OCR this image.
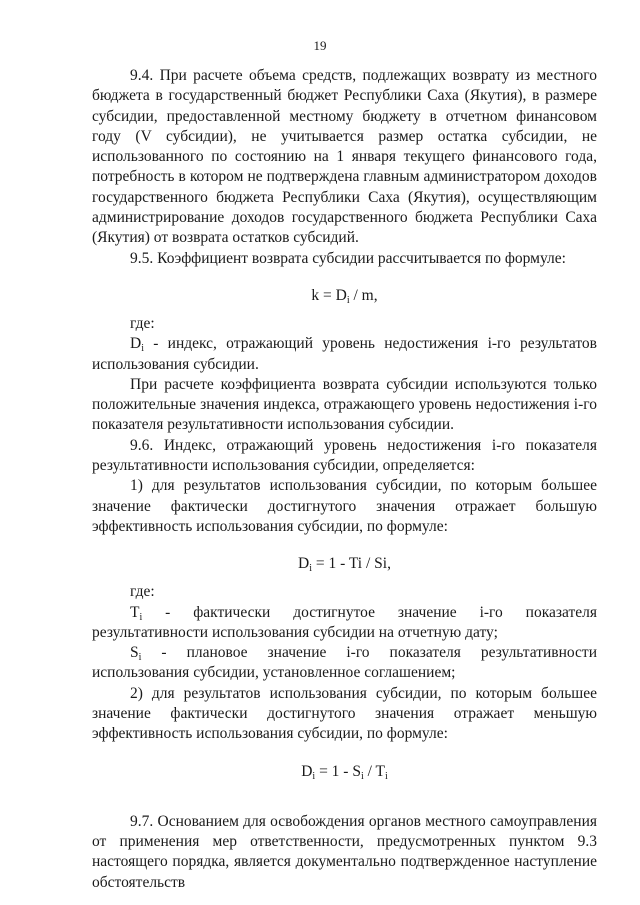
19

9.4. При расчете объема средств, подлежащих возврату из местного бюджета в государственный бюджет Республики Саха (Якутия), в размере субсидии, предоставленной местному бюджету в отчетном финансовом году (V субсидии), не учитывается размер остатка субсидии, не использованного по состоянию на 1 января текущего финансового года, потребность в котором не подтверждена главным администратором доходов государственного бюджета Республики Саха (Якутия), осуществляющим администрирование доходов государственного бюджета Республики Саха (Якутия) от возврата остатков субсидий.

9.5. Коэффициент возврата субсидии рассчитывается по формуле:

$k = D_i / m$,

где:

$D_i$ - индекс, отражающий уровень недостижения i-го результатов использования субсидии.

При расчете коэффициента возврата субсидии используются только положительные значения индекса, отражающего уровень недостижения i-го показателя результативности использования субсидии.

9.6. Индекс, отражающий уровень недостижения i-го показателя результативности использования субсидии, определяется:

1) для результатов использования субсидии, по которым большее значение фактически достигнутого значения отражает большую эффективность использования субсидии, по формуле:

$D_i = 1 - Ti / Si$,

где:

$T_i$ - фактически достигнутое значение i-го показателя результативности использования субсидии на отчетную дату;

$S_i$ - плановое значение i-го показателя результативности использования субсидии, установленное соглашением;

2) для результатов использования субсидии, по которым большее значение фактически достигнутого значения отражает меньшую эффективность использования субсидии, по формуле:

$D_i = 1 - S_i / T_i$

9.7. Основанием для освобождения органов местного самоуправления от применения мер ответственности, предусмотренных пунктом 9.3 настоящего порядка, является документально подтвержденное наступление обстоятельств
